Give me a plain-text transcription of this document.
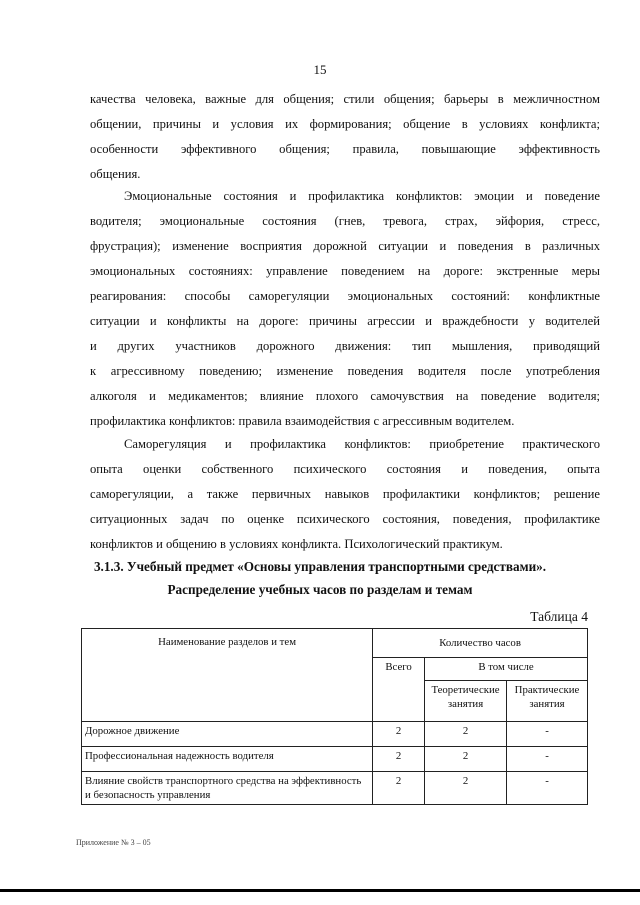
15

качества человека, важные для общения; стили общения; барьеры в межличностном

общении, причины и условия их формирования; общение в условиях конфликта;

особенности эффективного общения; правила, повышающие эффективность

общения.

Эмоциональные состояния и профилактика конфликтов: эмоции и поведение

водителя; эмоциональные состояния (гнев, тревога, страх, эйфория, стресс,

фрустрация); изменение восприятия дорожной ситуации и поведения в различных

эмоциональных состояниях: управление поведением на дороге: экстренные меры

реагирования: способы саморегуляции эмоциональных состояний: конфликтные

ситуации и конфликты на дороге: причины агрессии и враждебности у водителей

и других участников дорожного движения: тип мышления, приводящий

к агрессивному поведению; изменение поведения водителя после употребления

алкоголя и медикаментов; влияние плохого самочувствия на поведение водителя;

профилактика конфликтов: правила взаимодействия с агрессивным водителем.

Саморегуляция и профилактика конфликтов: приобретение практического

опыта оценки собственного психического состояния и поведения, опыта

саморегуляции, а также первичных навыков профилактики конфликтов; решение

ситуационных задач по оценке психического состояния, поведения, профилактике

конфликтов и общению в условиях конфликта. Психологический практикум.

3.1.3. Учебный предмет «Основы управления транспортными средствами».
Распределение учебных часов по разделам и темам
Таблица 4
Наименование разделов и тем	Количество часов		
	Всего	В том числе	
		Теоретические занятия	Практические занятия
Дорожное движение	2	2	-
Профессиональная надежность водителя	2	2	-
Влияние свойств транспортного средства на эффективность и безопасность управления	2	2	-
Приложение № 3 – 05
